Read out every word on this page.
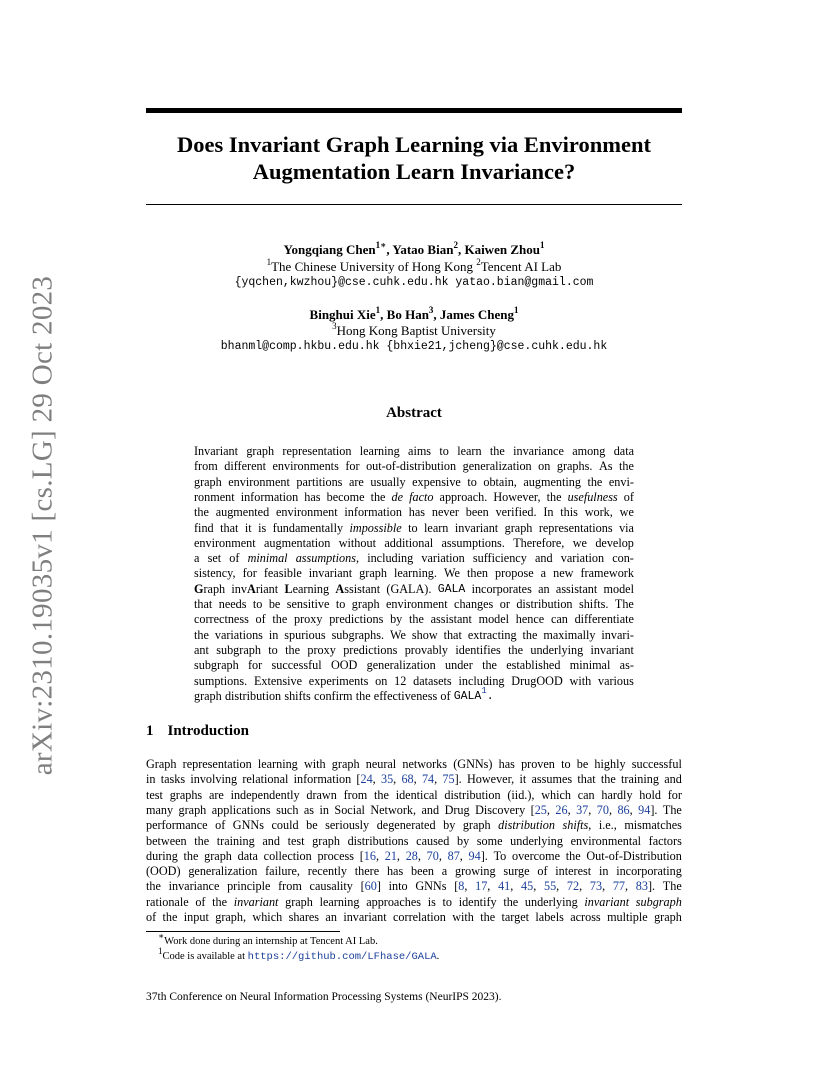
arXiv:2310.19035v1 [cs.LG] 29 Oct 2023
Does Invariant Graph Learning via Environment
Augmentation Learn Invariance?
Yongqiang Chen$^{1∗}$, Yatao Bian$^2$, Kaiwen Zhou$^1$
$^1$The Chinese University of Hong Kong $^2$Tencent AI Lab
{yqchen,kwzhou}@cse.cuhk.edu.hk yatao.bian@gmail.com
Binghui Xie$^1$, Bo Han$^3$, James Cheng$^1$
$^3$Hong Kong Baptist University
bhanml@comp.hkbu.edu.hk {bhxie21,jcheng}@cse.cuhk.edu.hk
Abstract
Invariant graph representation learning aims to learn the invariance among data
from different environments for out-of-distribution generalization on graphs. As the
graph environment partitions are usually expensive to obtain, augmenting the envi-
ronment information has become the de facto approach. However, the usefulness of
the augmented environment information has never been verified. In this work, we
find that it is fundamentally impossible to learn invariant graph representations via
environment augmentation without additional assumptions. Therefore, we develop
a set of minimal assumptions, including variation sufficiency and variation con-
sistency, for feasible invariant graph learning. We then propose a new framework
Graph invAriant Learning Assistant (GALA). GALA incorporates an assistant model
that needs to be sensitive to graph environment changes or distribution shifts. The
correctness of the proxy predictions by the assistant model hence can differentiate
the variations in spurious subgraphs. We show that extracting the maximally invari-
ant subgraph to the proxy predictions provably identifies the underlying invariant
subgraph for successful OOD generalization under the established minimal as-
sumptions. Extensive experiments on 12 datasets including DrugOOD with various
graph distribution shifts confirm the effectiveness of GALA$^1$.
1 Introduction
Graph representation learning with graph neural networks (GNNs) has proven to be highly successful
in tasks involving relational information [24, 35, 68, 74, 75]. However, it assumes that the training and
test graphs are independently drawn from the identical distribution (iid.), which can hardly hold for
many graph applications such as in Social Network, and Drug Discovery [25, 26, 37, 70, 86, 94]. The
performance of GNNs could be seriously degenerated by graph distribution shifts, i.e., mismatches
between the training and test graph distributions caused by some underlying environmental factors
during the graph data collection process [16, 21, 28, 70, 87, 94]. To overcome the Out-of-Distribution
(OOD) generalization failure, recently there has been a growing surge of interest in incorporating
the invariance principle from causality [60] into GNNs [8, 17, 41, 45, 55, 72, 73, 77, 83]. The
rationale of the invariant graph learning approaches is to identify the underlying invariant subgraph
of the input graph, which shares an invariant correlation with the target labels across multiple graph
∗Work done during an internship at Tencent AI Lab.
$^1$Code is available at https://github.com/LFhase/GALA.
37th Conference on Neural Information Processing Systems (NeurIPS 2023).
